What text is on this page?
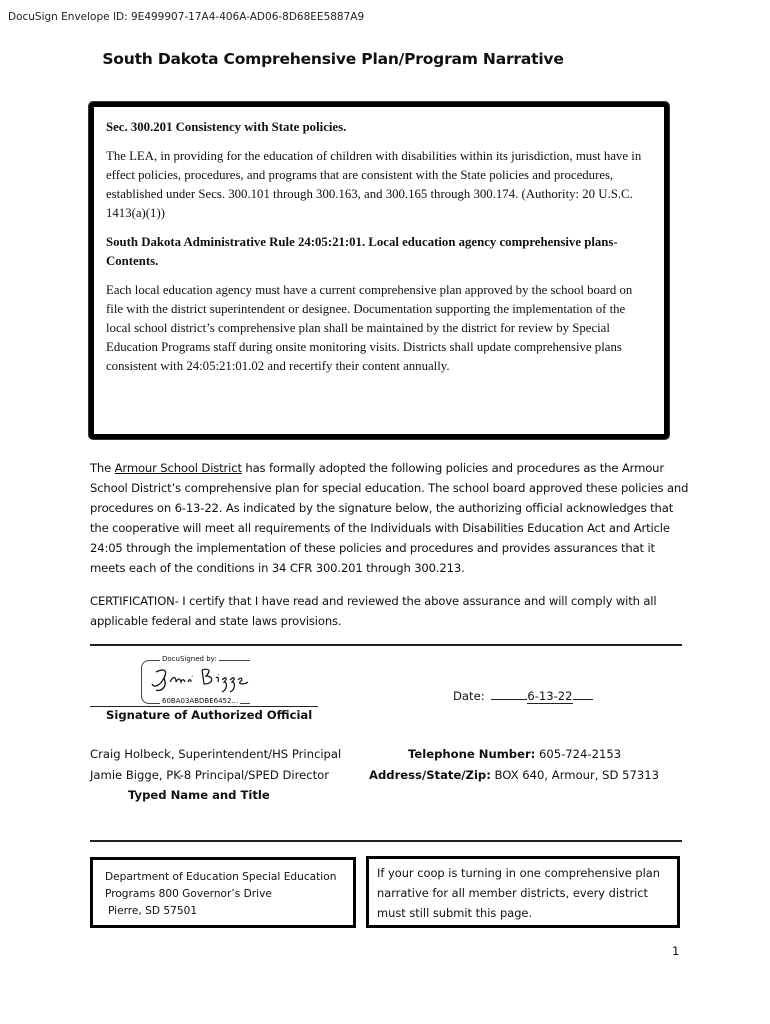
DocuSign Envelope ID: 9E499907-17A4-406A-AD06-8D68EE5887A9
South Dakota Comprehensive Plan/Program Narrative

Sec. 300.201 Consistency with State policies.

The LEA, in providing for the education of children with disabilities within its jurisdiction, must have in effect policies, procedures, and programs that are consistent with the State policies and procedures, established under Secs. 300.101 through 300.163, and 300.165 through 300.174. (Authority: 20 U.S.C. 1413(a)(1))

South Dakota Administrative Rule 24:05:21:01. Local education agency comprehensive plans- Contents.

Each local education agency must have a current comprehensive plan approved by the school board on file with the district superintendent or designee. Documentation supporting the implementation of the local school district’s comprehensive plan shall be maintained by the district for review by Special Education Programs staff during onsite monitoring visits. Districts shall update comprehensive plans consistent with 24:05:21:01.02 and recertify their content annually.

The Armour School District has formally adopted the following policies and procedures as the Armour School District’s comprehensive plan for special education. The school board approved these policies and procedures on 6-13-22. As indicated by the signature below, the authorizing official acknowledges that the cooperative will meet all requirements of the Individuals with Disabilities Education Act and Article 24:05 through the implementation of these policies and procedures and provides assurances that it meets each of the conditions in 34 CFR 300.201 through 300.213.
CERTIFICATION- I certify that I have read and reviewed the above assurance and will comply with all applicable federal and state laws provisions.
DocuSigned by:
60BA03ABDBE6452...	Date:	6-13-22
Signature of Authorized Official
Craig Holbeck, Superintendent/HS Principal
Jamie Bigge, PK-8 Principal/SPED Director
Typed Name and Title
Telephone Number: 605-724-2153
Address/State/Zip: BOX 640, Armour, SD 57313
Department of Education Special Education
Programs 800 Governor’s Drive
Pierre, SD 57501
If your coop is turning in one comprehensive plan narrative for all member districts, every district must still submit this page.
1
